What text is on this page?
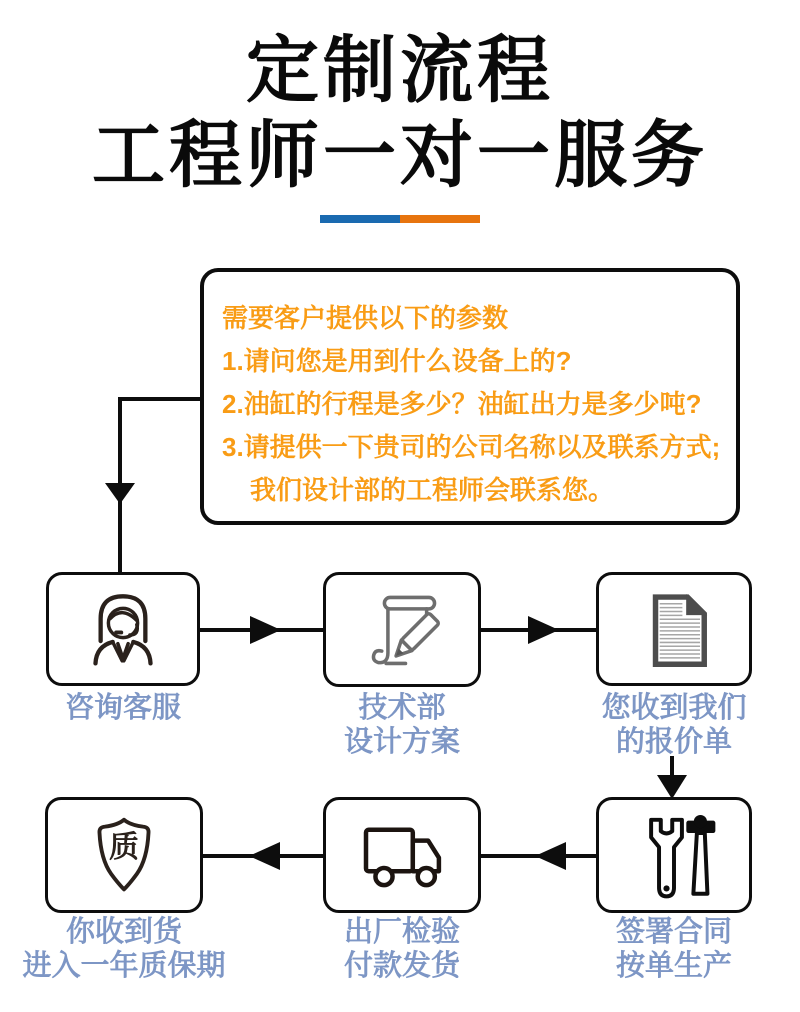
定制流程
工程师一对一服务
需要客户提供以下的参数
1.请问您是用到什么设备上的?
2.油缸的行程是多少？油缸出力是多少吨?
3.请提供一下贵司的公司名称以及联系方式;
我们设计部的工程师会联系您。
质
咨询客服	技术部
设计方案
您收到我们
的报价单
签署合同
按单生产
出厂检验
付款发货
你收到货
进入一年质保期
